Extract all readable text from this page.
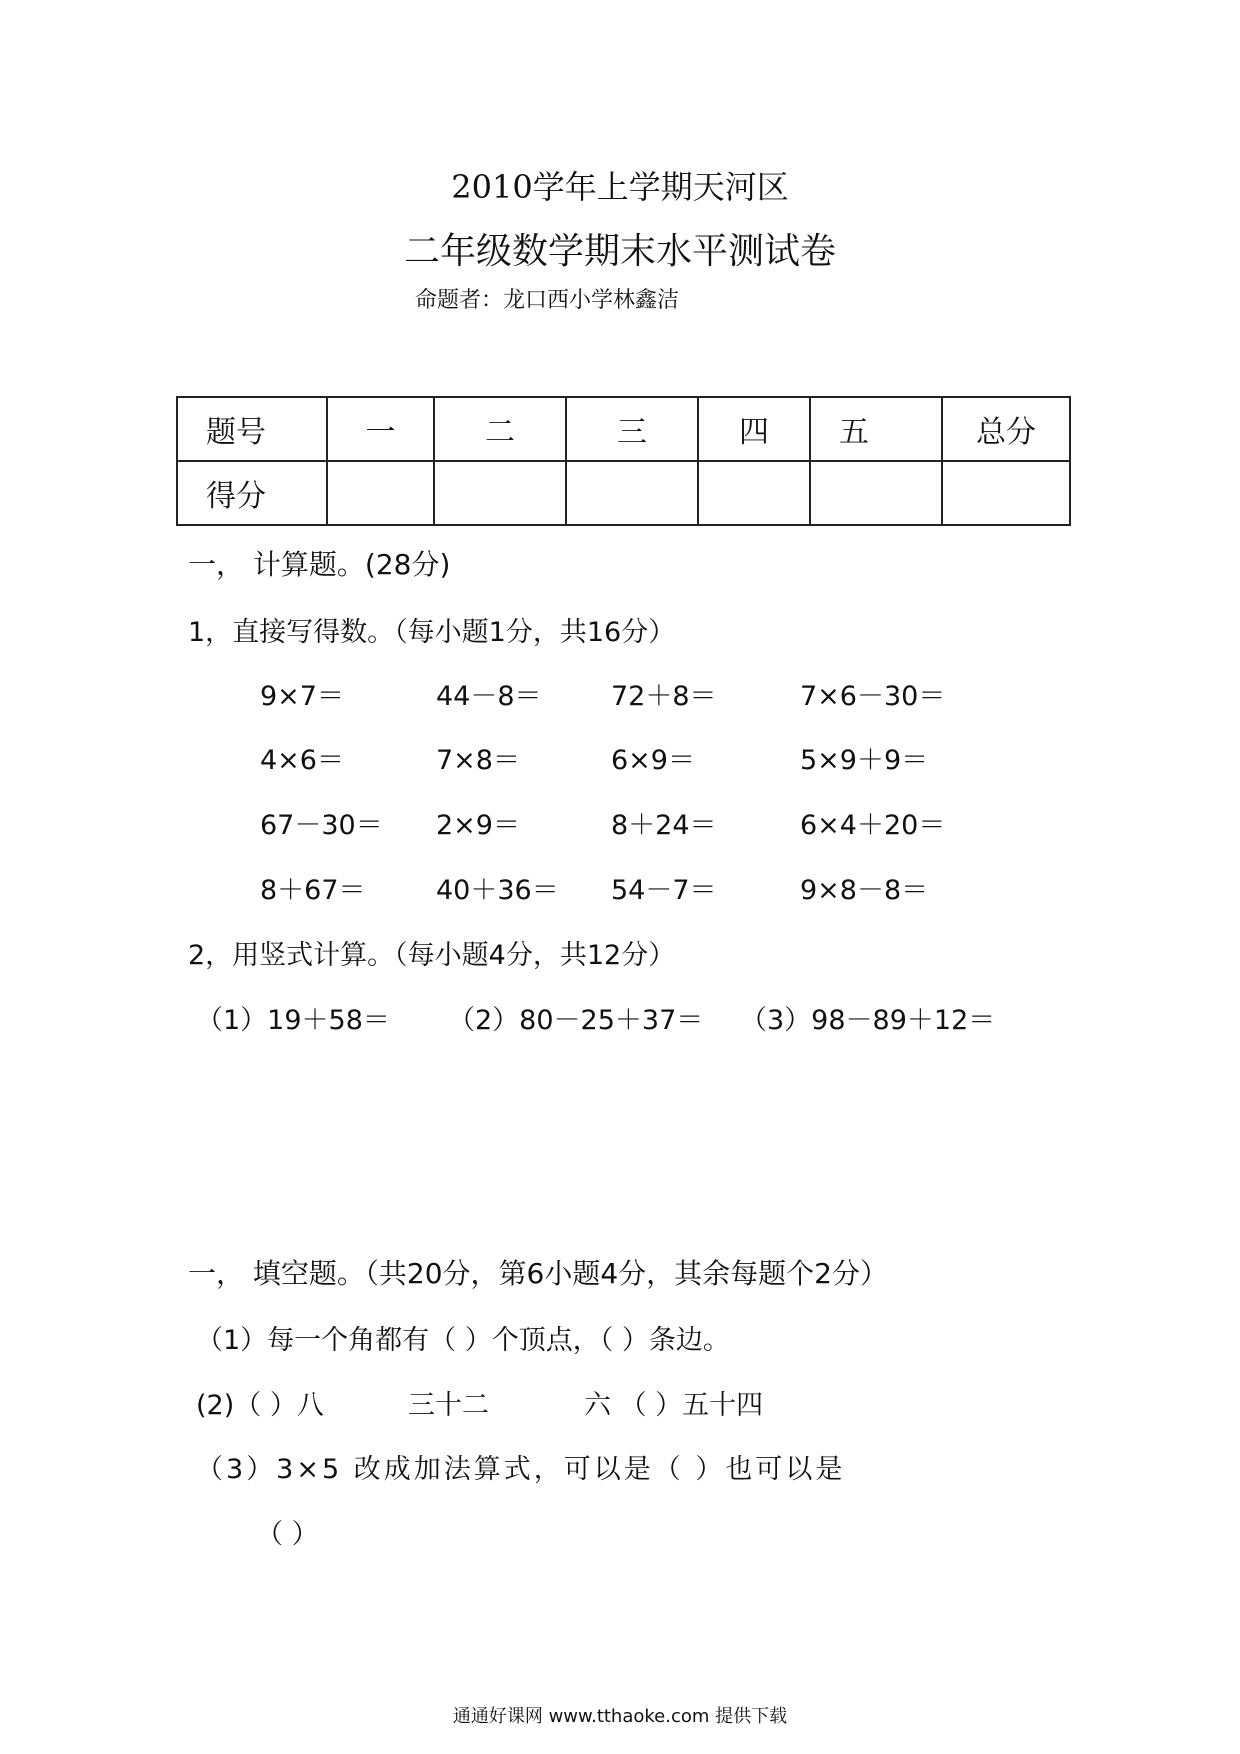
2010学年上学期天河区
二年级数学期末水平测试卷
命题者：龙口西小学林鑫洁
题号	一	二	三	四	五	总分
得分						
一， 计算题。(28分)
1，直接写得数。（每小题1分，共16分）
9×7＝	44－8＝	72＋8＝	7×6－30＝
4×6＝	7×8＝	6×9＝	5×9＋9＝
67－30＝ 2×9＝	8＋24＝	6×4＋20＝
8＋67＝	40＋36＝ 54－7＝	9×8－8＝
2，用竖式计算。（每小题4分，共12分）
（1）19＋58＝ （2）80－25＋37＝ （3）98－89＋12＝
一， 填空题。（共20分，第6小题4分，其余每题个2分）
（1）每一个角都有（ ）个顶点，（ ）条边。
(2)（ ）八	三十二	六 （ ）五十四
（3）3×5 改成加法算式，可以是（ ）也可以是
（ ）
通通好课网 www.tthaoke.com 提供下载
